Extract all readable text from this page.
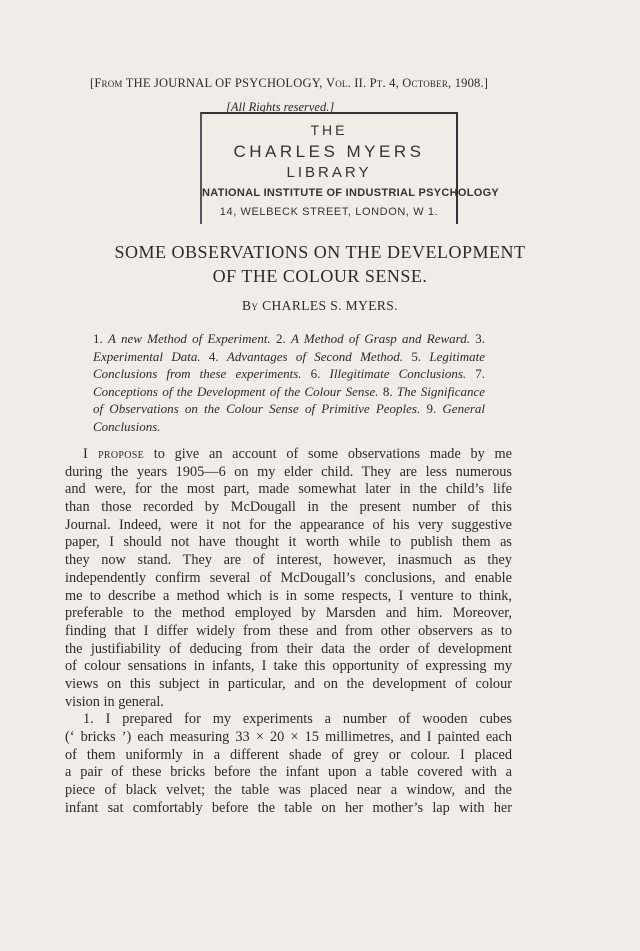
[From THE JOURNAL OF PSYCHOLOGY, Vol. II. Pt. 4, October, 1908.]
[All Rights reserved.]
THE
CHARLES MYERS
LIBRARY
NATIONAL INSTITUTE OF INDUSTRIAL PSYCHOLOGY
14, WELBECK STREET, LONDON, W 1.
SOME OBSERVATIONS ON THE DEVELOPMENT
OF THE COLOUR SENSE.
By CHARLES S. MYERS.
1. A new Method of Experiment. 2. A Method of Grasp and Reward. 3. Experimental Data. 4. Advantages of Second Method. 5. Legitimate Conclusions from these experiments. 6. Illegitimate Conclusions. 7. Conceptions of the Development of the Colour Sense. 8. The Significance of Observations on the Colour Sense of Primitive Peoples. 9. General Conclusions.
I propose to give an account of some observations made by me
during the years 1905—6 on my elder child. They are less numerous
and were, for the most part, made somewhat later in the child’s life
than those recorded by McDougall in the present number of this
Journal. Indeed, were it not for the appearance of his very suggestive
paper, I should not have thought it worth while to publish them as
they now stand. They are of interest, however, inasmuch as they
independently confirm several of McDougall’s conclusions, and enable
me to describe a method which is in some respects, I venture to think,
preferable to the method employed by Marsden and him. Moreover,
finding that I differ widely from these and from other observers as to
the justifiability of deducing from their data the order of development
of colour sensations in infants, I take this opportunity of expressing my
views on this subject in particular, and on the development of colour
vision in general.
1. I prepared for my experiments a number of wooden cubes
(‘ bricks ’) each measuring 33 × 20 × 15 millimetres, and I painted each
of them uniformly in a different shade of grey or colour. I placed
a pair of these bricks before the infant upon a table covered with a
piece of black velvet; the table was placed near a window, and the
infant sat comfortably before the table on her mother’s lap with her
